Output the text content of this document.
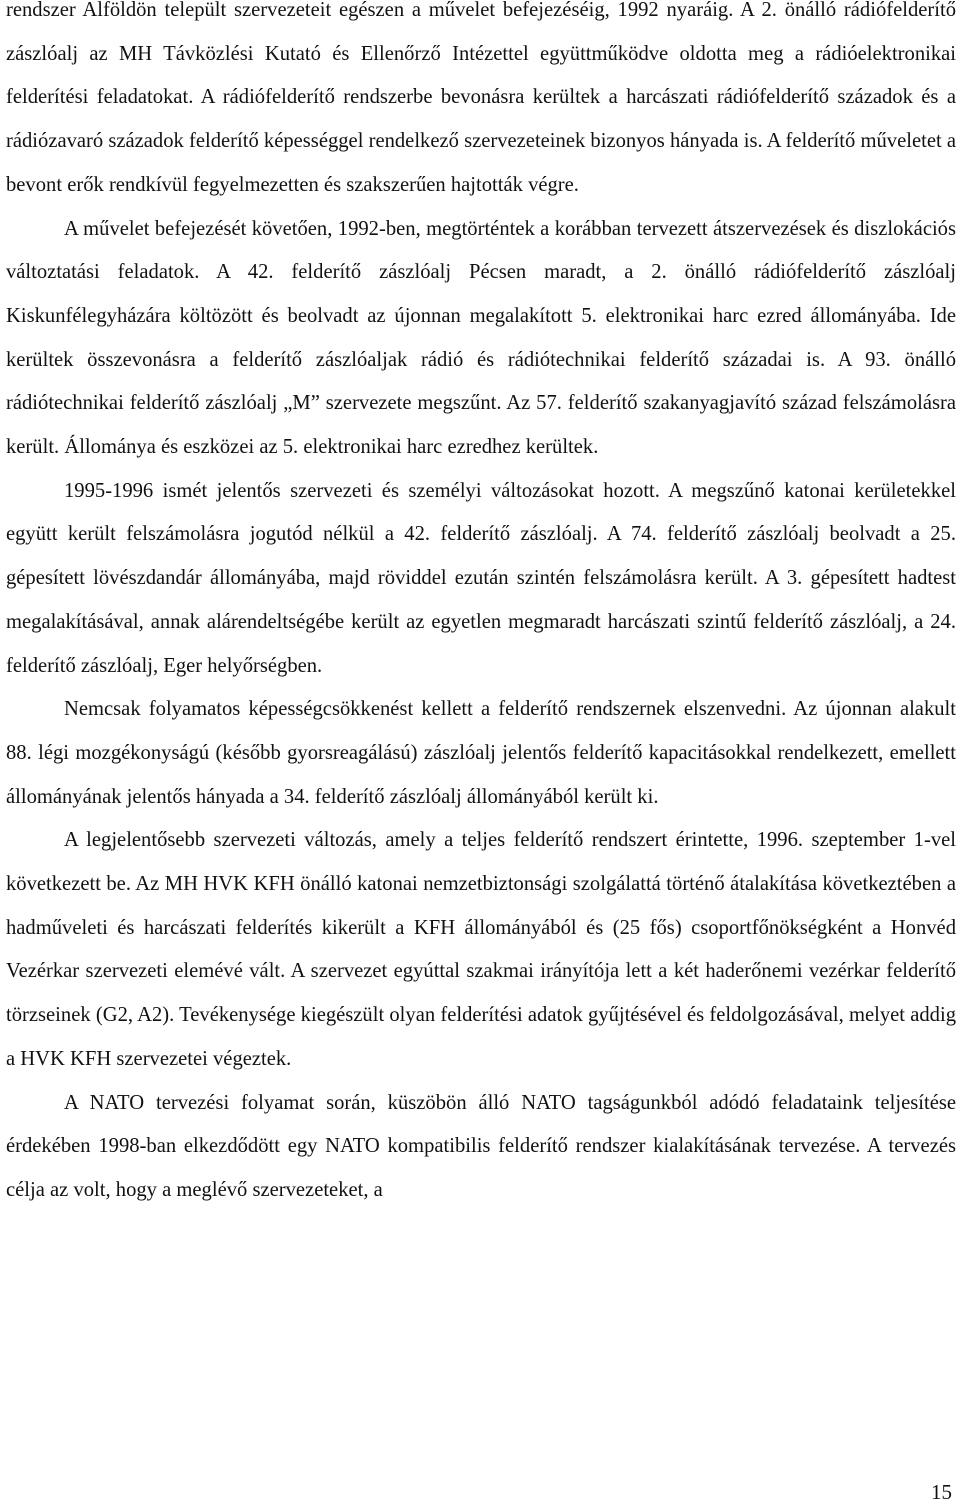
rendszer Alföldön települt szervezeteit egészen a művelet befejezéséig, 1992 nyaráig. A 2. önálló rádiófelderítő zászlóalj az MH Távközlési Kutató és Ellenőrző Intézettel együttműködve oldotta meg a rádióelektronikai felderítési feladatokat. A rádiófelderítő rendszerbe bevonásra kerültek a harcászati rádiófelderítő századok és a rádiózavaró századok felderítő képességgel rendelkező szervezeteinek bizonyos hányada is. A felderítő műveletet a bevont erők rendkívül fegyelmezetten és szakszerűen hajtották végre.

A művelet befejezését követően, 1992-ben, megtörténtek a korábban tervezett átszervezések és diszlokációs változtatási feladatok. A 42. felderítő zászlóalj Pécsen maradt, a 2. önálló rádiófelderítő zászlóalj Kiskunfélegyházára költözött és beolvadt az újonnan megalakított 5. elektronikai harc ezred állományába. Ide kerültek összevonásra a felderítő zászlóaljak rádió és rádiótechnikai felderítő századai is. A 93. önálló rádiótechnikai felderítő zászlóalj „M” szervezete megszűnt. Az 57. felderítő szakanyagjavító század felszámolásra került. Állománya és eszközei az 5. elektronikai harc ezredhez kerültek.

1995-1996 ismét jelentős szervezeti és személyi változásokat hozott. A megszűnő katonai kerületekkel együtt került felszámolásra jogutód nélkül a 42. felderítő zászlóalj. A 74. felderítő zászlóalj beolvadt a 25. gépesített lövészdandár állományába, majd röviddel ezután szintén felszámolásra került. A 3. gépesített hadtest megalakításával, annak alárendeltségébe került az egyetlen megmaradt harcászati szintű felderítő zászlóalj, a 24. felderítő zászlóalj, Eger helyőrségben.

Nemcsak folyamatos képességcsökkenést kellett a felderítő rendszernek elszenvedni. Az újonnan alakult 88. légi mozgékonyságú (később gyorsreagálású) zászlóalj jelentős felderítő kapacitásokkal rendelkezett, emellett állományának jelentős hányada a 34. felderítő zászlóalj állományából került ki.

A legjelentősebb szervezeti változás, amely a teljes felderítő rendszert érintette, 1996. szeptember 1-vel következett be. Az MH HVK KFH önálló katonai nemzetbiztonsági szolgálattá történő átalakítása következtében a hadműveleti és harcászati felderítés kikerült a KFH állományából és (25 fős) csoportfőnökségként a Honvéd Vezérkar szervezeti elemévé vált. A szervezet egyúttal szakmai irányítója lett a két haderőnemi vezérkar felderítő törzseinek (G2, A2). Tevékenysége kiegészült olyan felderítési adatok gyűjtésével és feldolgozásával, melyet addig a HVK KFH szervezetei végeztek.

A NATO tervezési folyamat során, küszöbön álló NATO tagságunkból adódó feladataink teljesítése érdekében 1998-ban elkezdődött egy NATO kompatibilis felderítő rendszer kialakításának tervezése. A tervezés célja az volt, hogy a meglévő szervezeteket, a

15
